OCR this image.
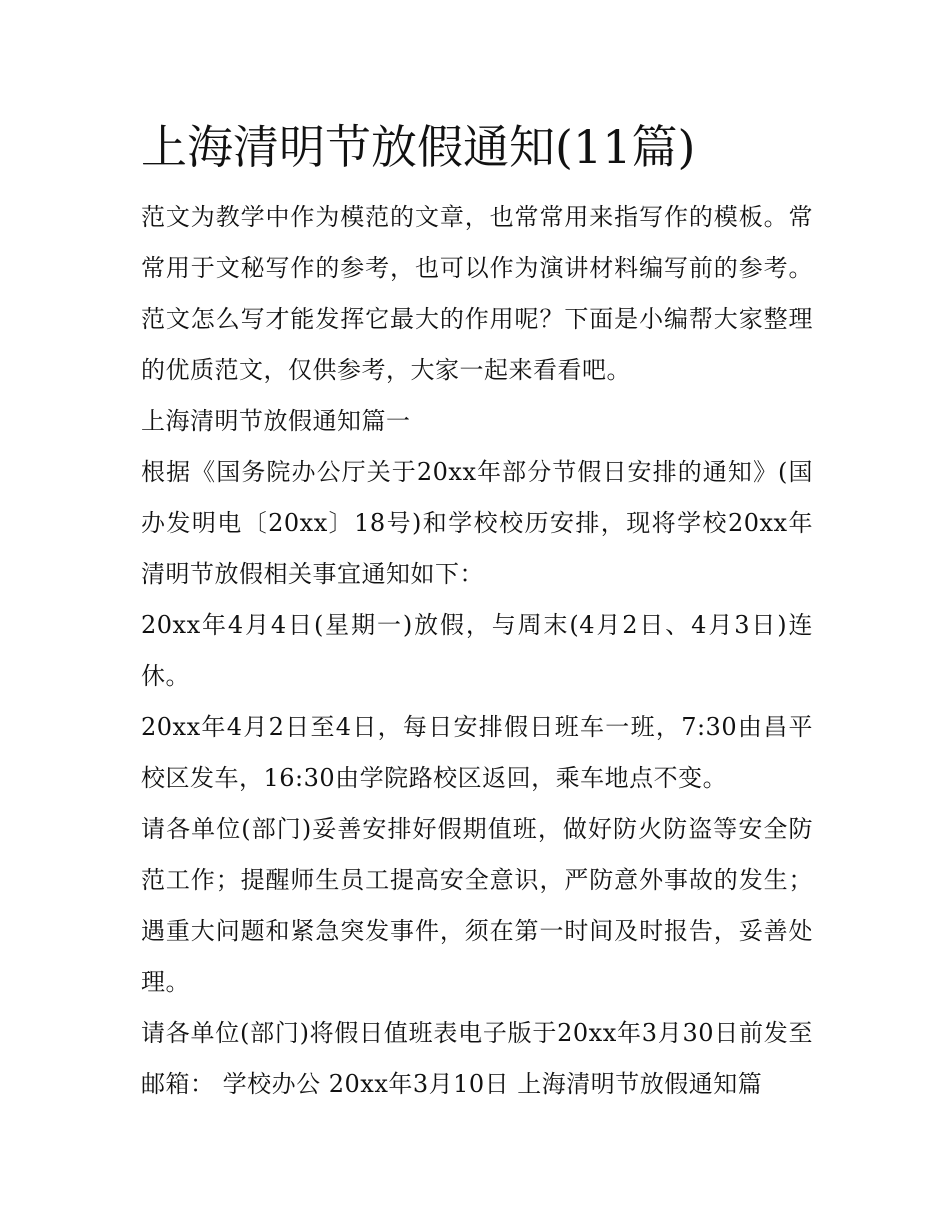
上海清明节放假通知(11篇)

范文为教学中作为模范的文章，也常常用来指写作的模板。常常用于文秘写作的参考，也可以作为演讲材料编写前的参考。范文怎么写才能发挥它最大的作用呢？下面是小编帮大家整理的优质范文，仅供参考，大家一起来看看吧。

上海清明节放假通知篇一

根据《国务院办公厅关于20xx年部分节假日安排的通知》(国办发明电〔20xx〕18号)和学校校历安排，现将学校20xx年清明节放假相关事宜通知如下：

20xx年4月4日(星期一)放假，与周末(4月2日、4月3日)连休。

20xx年4月2日至4日，每日安排假日班车一班，7:30由昌平校区发车，16:30由学院路校区返回，乘车地点不变。

请各单位(部门)妥善安排好假期值班，做好防火防盗等安全防范工作；提醒师生员工提高安全意识，严防意外事故的发生；遇重大问题和紧急突发事件，须在第一时间及时报告，妥善处理。

请各单位(部门)将假日值班表电子版于20xx年3月30日前发至邮箱： 学校办公 20xx年3月10日 上海清明节放假通知篇
